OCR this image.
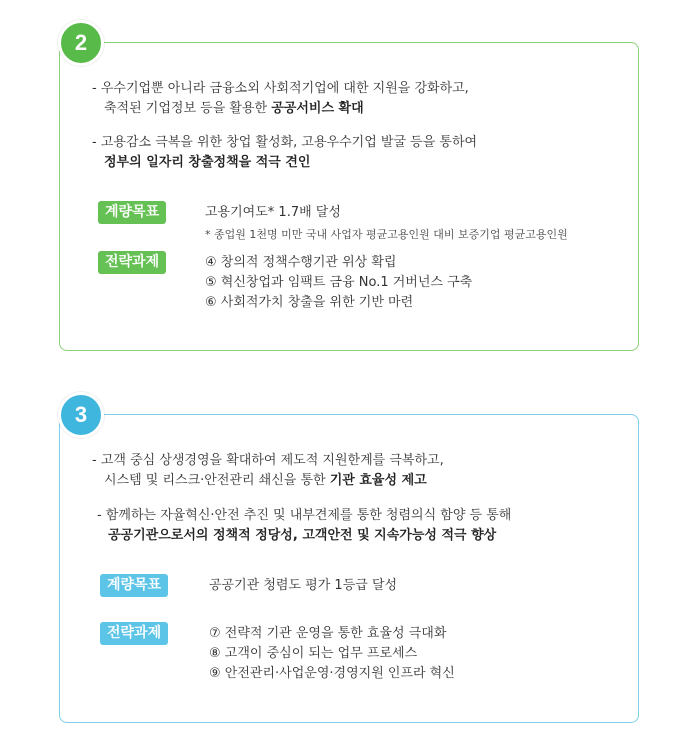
2
- 우수기업뿐 아니라 금융소외 사회적기업에 대한 지원을 강화하고,
축적된 기업정보 등을 활용한 공공서비스 확대
- 고용감소 극복을 위한 창업 활성화, 고용우수기업 발굴 등을 통하여
정부의 일자리 창출정책을 적극 견인
계량목표	고용기여도* 1.7배 달성
* 종업원 1천명 미만 국내 사업자 평균고용인원 대비 보증기업 평균고용인원
전략과제	④ 창의적 정책수행기관 위상 확립
⑤ 혁신창업과 임팩트 금융 No.1 거버넌스 구축
⑥ 사회적가치 창출을 위한 기반 마련
3
- 고객 중심 상생경영을 확대하여 제도적 지원한계를 극복하고,
시스템 및 리스크·안전관리 쇄신을 통한 기관 효율성 제고
- 함께하는 자율혁신·안전 추진 및 내부견제를 통한 청렴의식 함양 등 통해
공공기관으로서의 정책적 정당성, 고객안전 및 지속가능성 적극 향상
계량목표	공공기관 청렴도 평가 1등급 달성
전략과제	⑦ 전략적 기관 운영을 통한 효율성 극대화
⑧ 고객이 중심이 되는 업무 프로세스
⑨ 안전관리·사업운영·경영지원 인프라 혁신
